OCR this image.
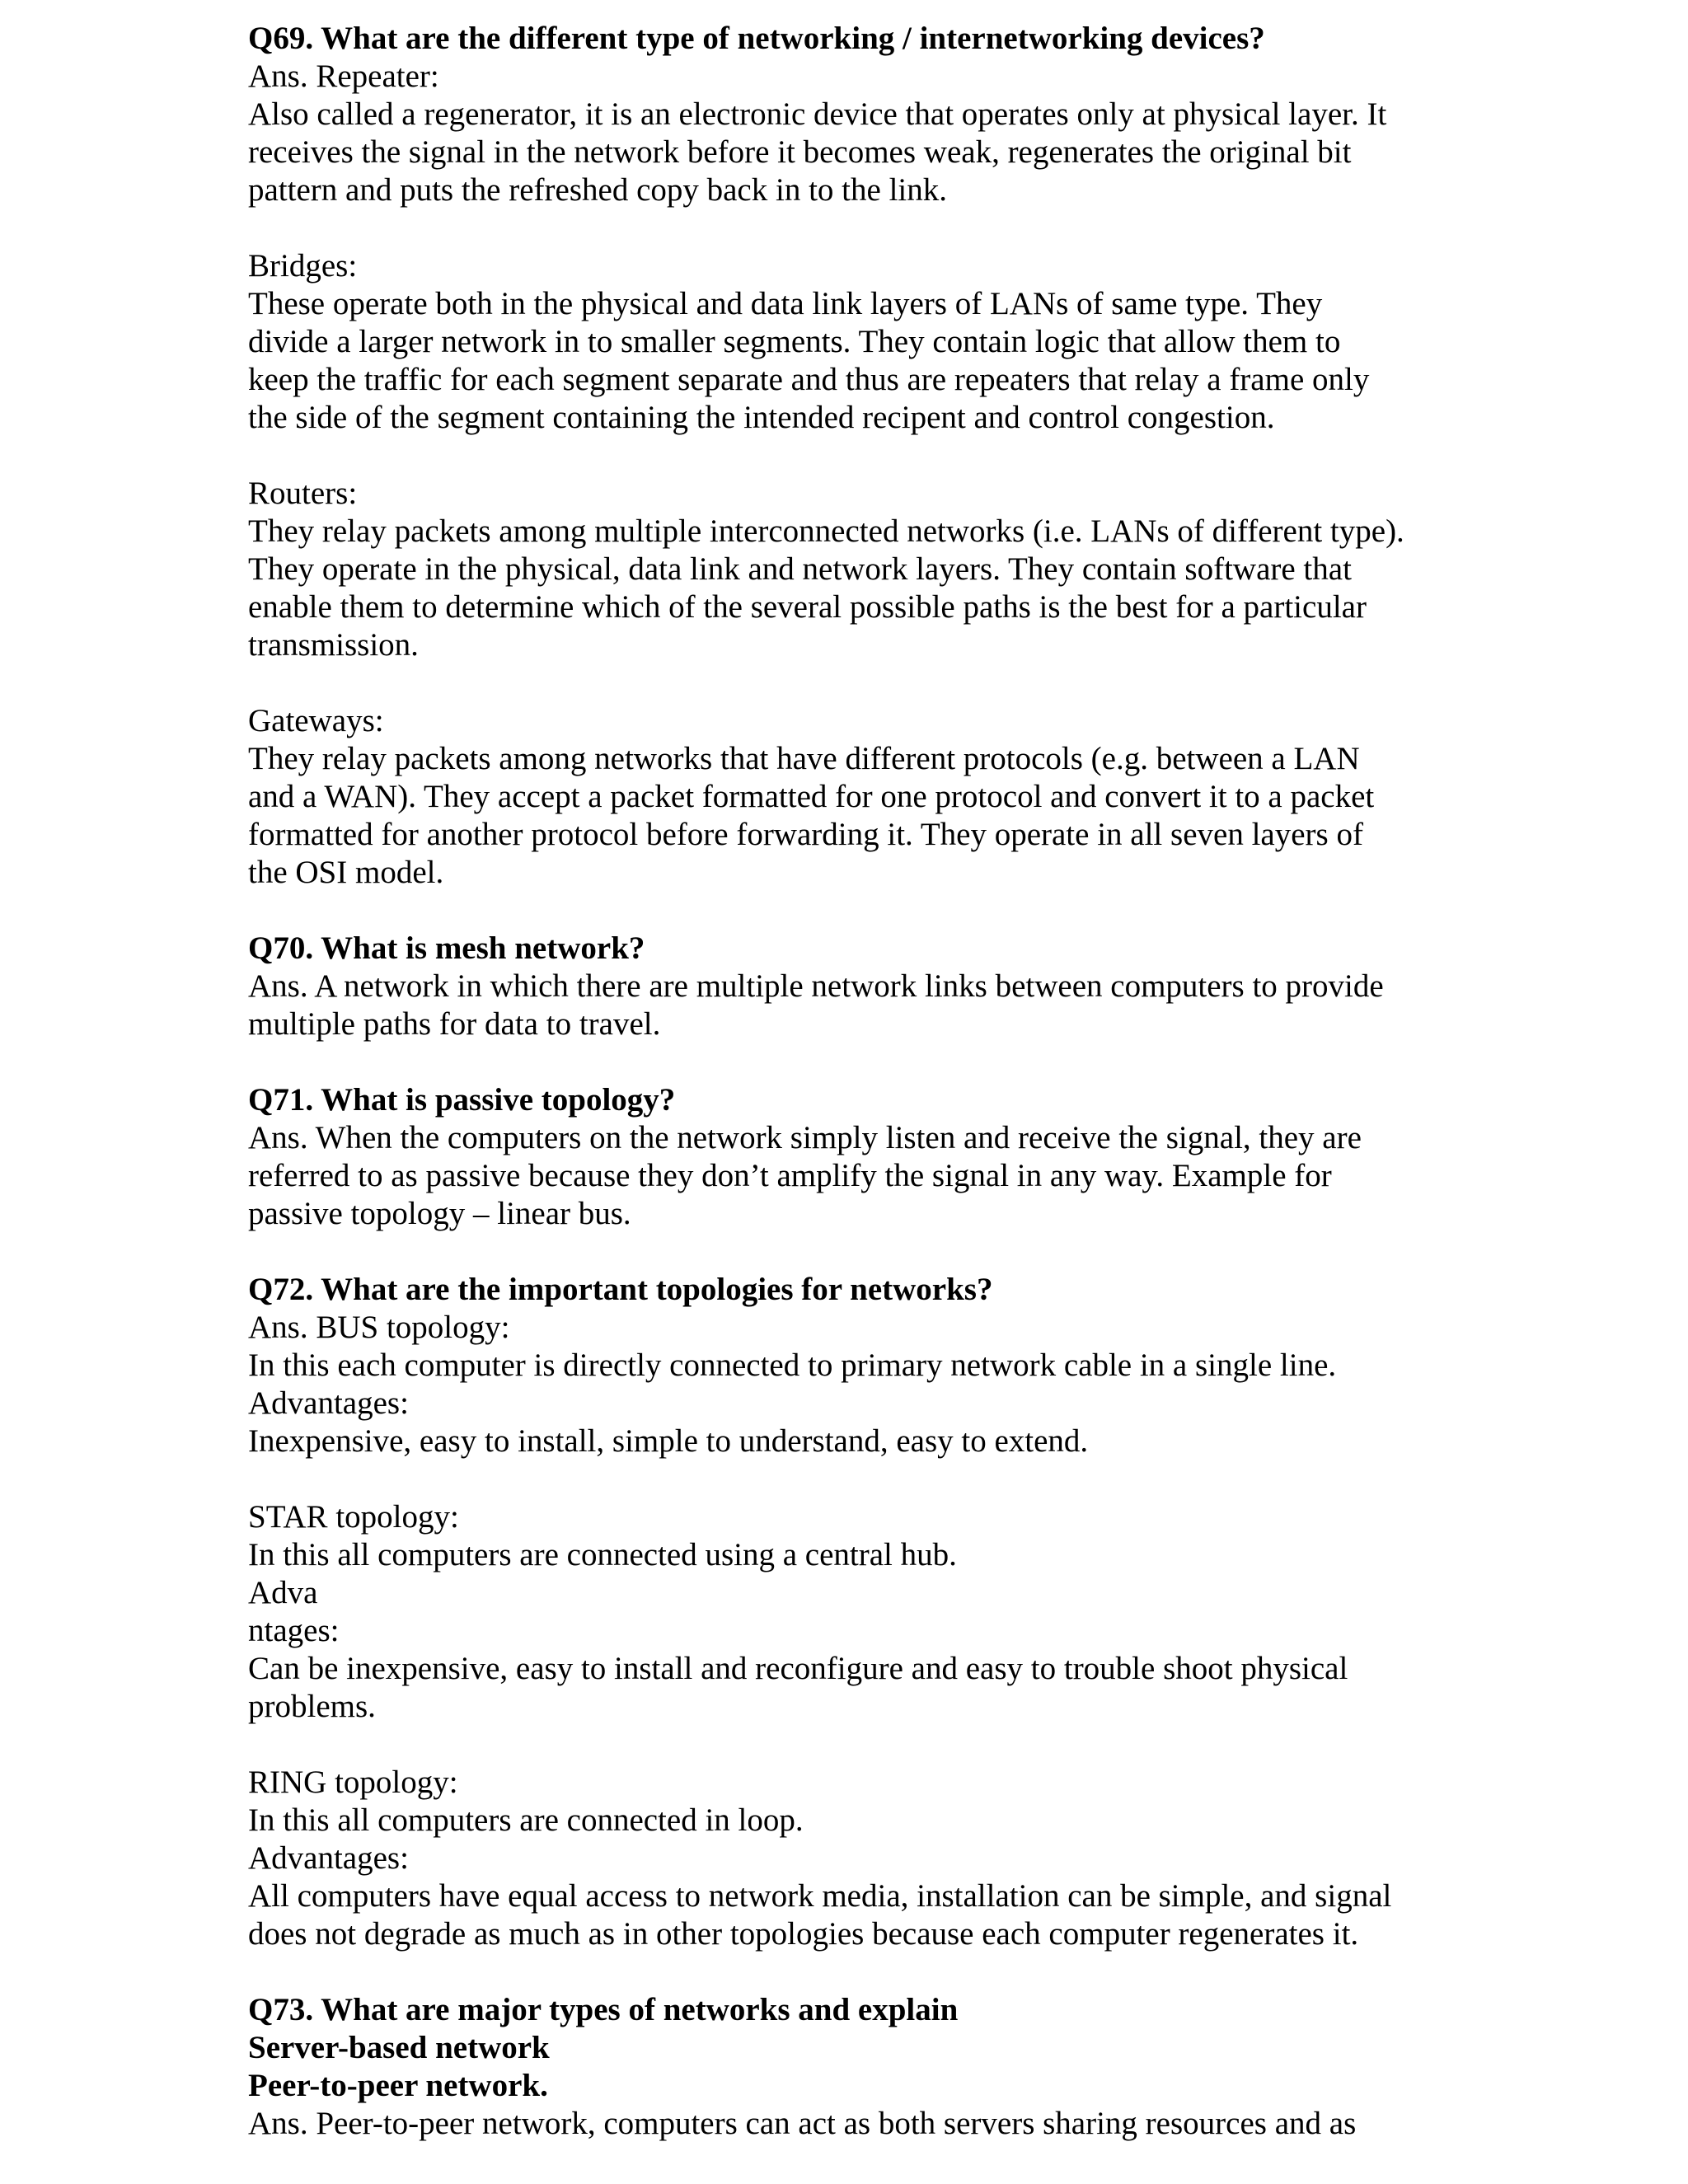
Q69. What are the different type of networking / internetworking devices?
Ans. Repeater:
Also called a regenerator, it is an electronic device that operates only at physical layer. It
receives the signal in the network before it becomes weak, regenerates the original bit
pattern and puts the refreshed copy back in to the link.
Bridges:
These operate both in the physical and data link layers of LANs of same type. They
divide a larger network in to smaller segments. They contain logic that allow them to
keep the traffic for each segment separate and thus are repeaters that relay a frame only
the side of the segment containing the intended recipent and control congestion.
Routers:
They relay packets among multiple interconnected networks (i.e. LANs of different type).
They operate in the physical, data link and network layers. They contain software that
enable them to determine which of the several possible paths is the best for a particular
transmission.
Gateways:
They relay packets among networks that have different protocols (e.g. between a LAN
and a WAN). They accept a packet formatted for one protocol and convert it to a packet
formatted for another protocol before forwarding it. They operate in all seven layers of
the OSI model.
Q70. What is mesh network?
Ans. A network in which there are multiple network links between computers to provide
multiple paths for data to travel.
Q71. What is passive topology?
Ans. When the computers on the network simply listen and receive the signal, they are
referred to as passive because they don’t amplify the signal in any way. Example for
passive topology – linear bus.
Q72. What are the important topologies for networks?
Ans. BUS topology:
In this each computer is directly connected to primary network cable in a single line.
Advantages:
Inexpensive, easy to install, simple to understand, easy to extend.
STAR topology:
In this all computers are connected using a central hub.
Adva
ntages:
Can be inexpensive, easy to install and reconfigure and easy to trouble shoot physical
problems.
RING topology:
In this all computers are connected in loop.
Advantages:
All computers have equal access to network media, installation can be simple, and signal
does not degrade as much as in other topologies because each computer regenerates it.
Q73. What are major types of networks and explain
Server-based network
Peer-to-peer network.
Ans. Peer-to-peer network, computers can act as both servers sharing resources and as
